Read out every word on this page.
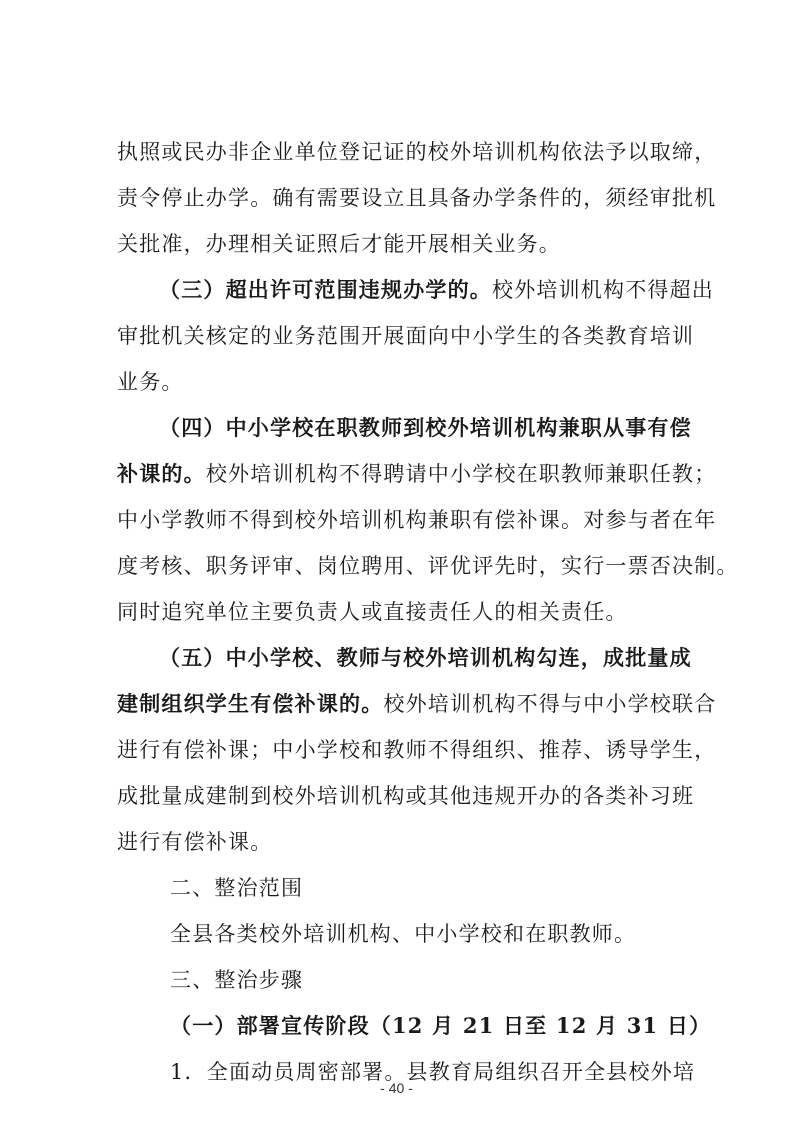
执照或民办非企业单位登记证的校外培训机构依法予以取缔，
责令停止办学。确有需要设立且具备办学条件的，须经审批机
关批准，办理相关证照后才能开展相关业务。
（三）超出许可范围违规办学的。校外培训机构不得超出
审批机关核定的业务范围开展面向中小学生的各类教育培训
业务。
（四）中小学校在职教师到校外培训机构兼职从事有偿
补课的。校外培训机构不得聘请中小学校在职教师兼职任教；
中小学教师不得到校外培训机构兼职有偿补课。对参与者在年
度考核、职务评审、岗位聘用、评优评先时，实行一票否决制。
同时追究单位主要负责人或直接责任人的相关责任。
（五）中小学校、教师与校外培训机构勾连，成批量成
建制组织学生有偿补课的。校外培训机构不得与中小学校联合
进行有偿补课；中小学校和教师不得组织、推荐、诱导学生，
成批量成建制到校外培训机构或其他违规开办的各类补习班
进行有偿补课。
二、整治范围
全县各类校外培训机构、中小学校和在职教师。
三、整治步骤
（一）部署宣传阶段（12 月 21 日至 12 月 31 日）
1．全面动员周密部署。县教育局组织召开全县校外培
- 40 -
